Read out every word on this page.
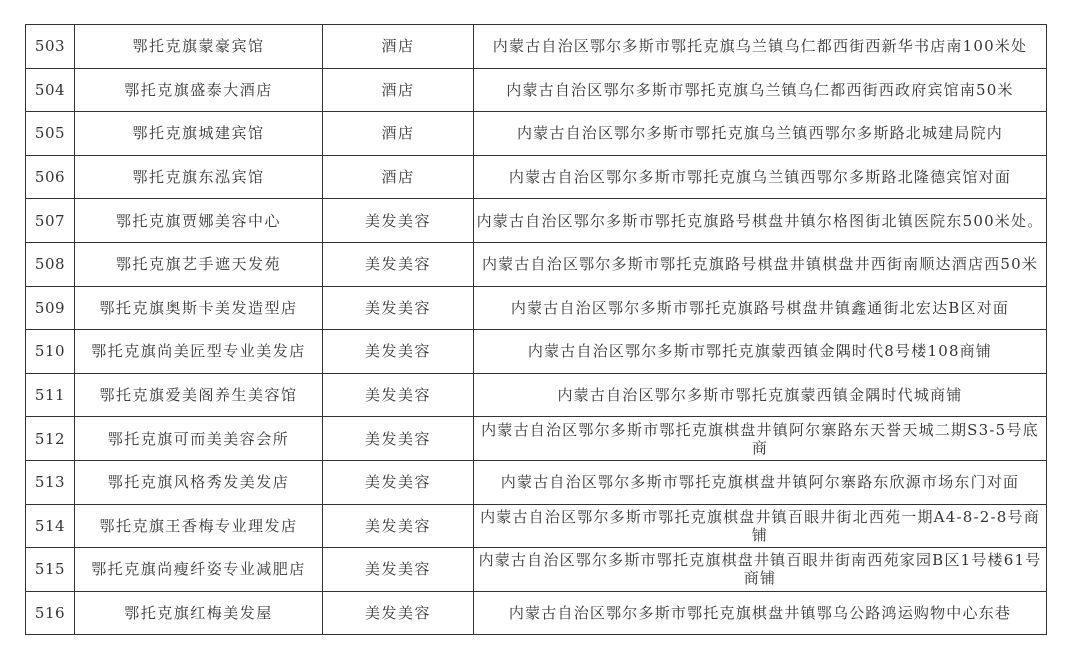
503	鄂托克旗蒙豪宾馆	酒店	内蒙古自治区鄂尔多斯市鄂托克旗乌兰镇乌仁都西街西新华书店南100米处
504	鄂托克旗盛泰大酒店	酒店	内蒙古自治区鄂尔多斯市鄂托克旗乌兰镇乌仁都西街西政府宾馆南50米
505	鄂托克旗城建宾馆	酒店	内蒙古自治区鄂尔多斯市鄂托克旗乌兰镇西鄂尔多斯路北城建局院内
506	鄂托克旗东泓宾馆	酒店	内蒙古自治区鄂尔多斯市鄂托克旗乌兰镇西鄂尔多斯路北隆德宾馆对面
507	鄂托克旗贾娜美容中心	美发美容	内蒙古自治区鄂尔多斯市鄂托克旗路号棋盘井镇尔格图街北镇医院东500米处。
508	鄂托克旗艺手遮天发苑	美发美容	内蒙古自治区鄂尔多斯市鄂托克旗路号棋盘井镇棋盘井西街南顺达酒店西50米
509	鄂托克旗奥斯卡美发造型店	美发美容	内蒙古自治区鄂尔多斯市鄂托克旗路号棋盘井镇鑫通街北宏达B区对面
510	鄂托克旗尚美匠型专业美发店	美发美容	内蒙古自治区鄂尔多斯市鄂托克旗蒙西镇金隅时代8号楼108商铺
511	鄂托克旗爱美阁养生美容馆	美发美容	内蒙古自治区鄂尔多斯市鄂托克旗蒙西镇金隅时代城商铺
512	鄂托克旗可而美美容会所	美发美容	内蒙古自治区鄂尔多斯市鄂托克旗棋盘井镇阿尔寨路东天誉天城二期S3-5号底商
513	鄂托克旗风格秀发美发店	美发美容	内蒙古自治区鄂尔多斯市鄂托克旗棋盘井镇阿尔寨路东欣源市场东门对面
514	鄂托克旗王香梅专业理发店	美发美容	内蒙古自治区鄂尔多斯市鄂托克旗棋盘井镇百眼井街北西苑一期A4-8-2-8号商铺
515	鄂托克旗尚瘦纤姿专业减肥店	美发美容	内蒙古自治区鄂尔多斯市鄂托克旗棋盘井镇百眼井街南西苑家园B区1号楼61号商铺
516	鄂托克旗红梅美发屋	美发美容	内蒙古自治区鄂尔多斯市鄂托克旗棋盘井镇鄂乌公路鸿运购物中心东巷
